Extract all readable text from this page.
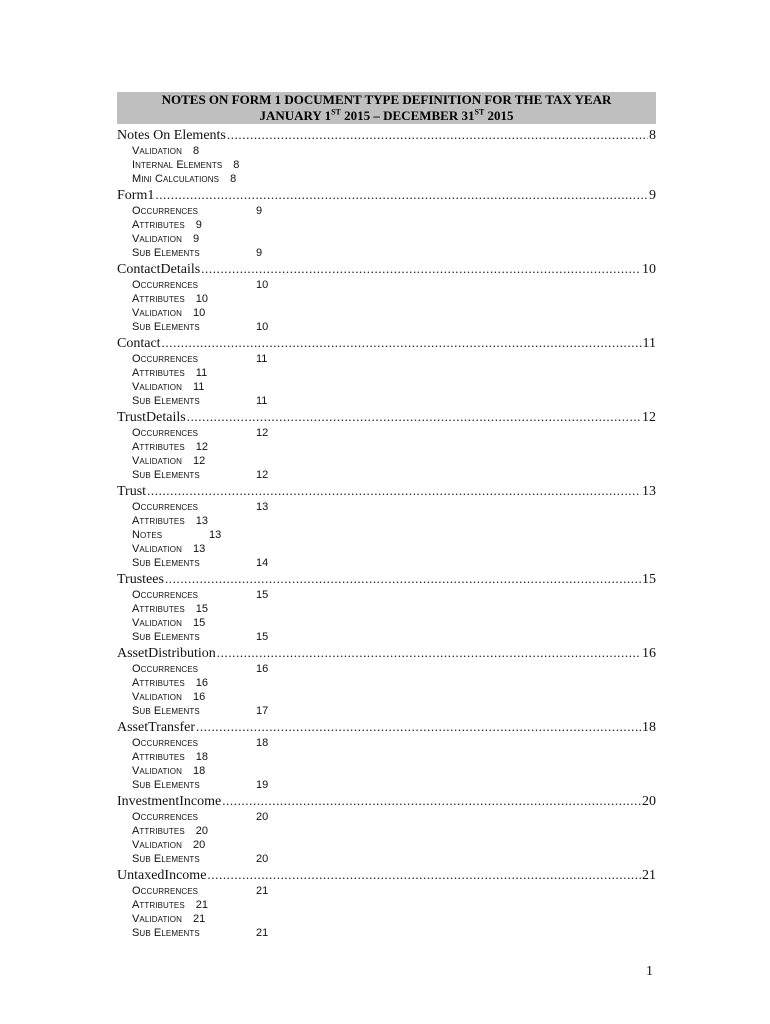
NOTES ON FORM 1 DOCUMENT TYPE DEFINITION FOR THE TAX YEAR
JANUARY 1ST 2015 – DECEMBER 31ST 2015
Notes On Elements .....	8
Validation 8
Internal Elements 8
Mini Calculations 8
Form1 .....	9
Occurrences	9
Attributes 9
Validation 9
Sub Elements	9
ContactDetails .....	10
Occurrences	10
Attributes 10
Validation 10
Sub Elements	10
Contact .....	11
Occurrences	11
Attributes 11
Validation 11
Sub Elements	11
TrustDetails .....	12
Occurrences	12
Attributes 12
Validation 12
Sub Elements	12
Trust .....	13
Occurrences	13
Attributes 13
Notes	13
Validation 13
Sub Elements	14
Trustees .....	15
Occurrences	15
Attributes 15
Validation 15
Sub Elements	15
AssetDistribution .....	16
Occurrences	16
Attributes 16
Validation 16
Sub Elements	17
AssetTransfer .....	18
Occurrences	18
Attributes 18
Validation 18
Sub Elements	19
InvestmentIncome .....	20
Occurrences	20
Attributes 20
Validation 20
Sub Elements	20
UntaxedIncome .....	21
Occurrences	21
Attributes 21
Validation 21
Sub Elements	21
1
